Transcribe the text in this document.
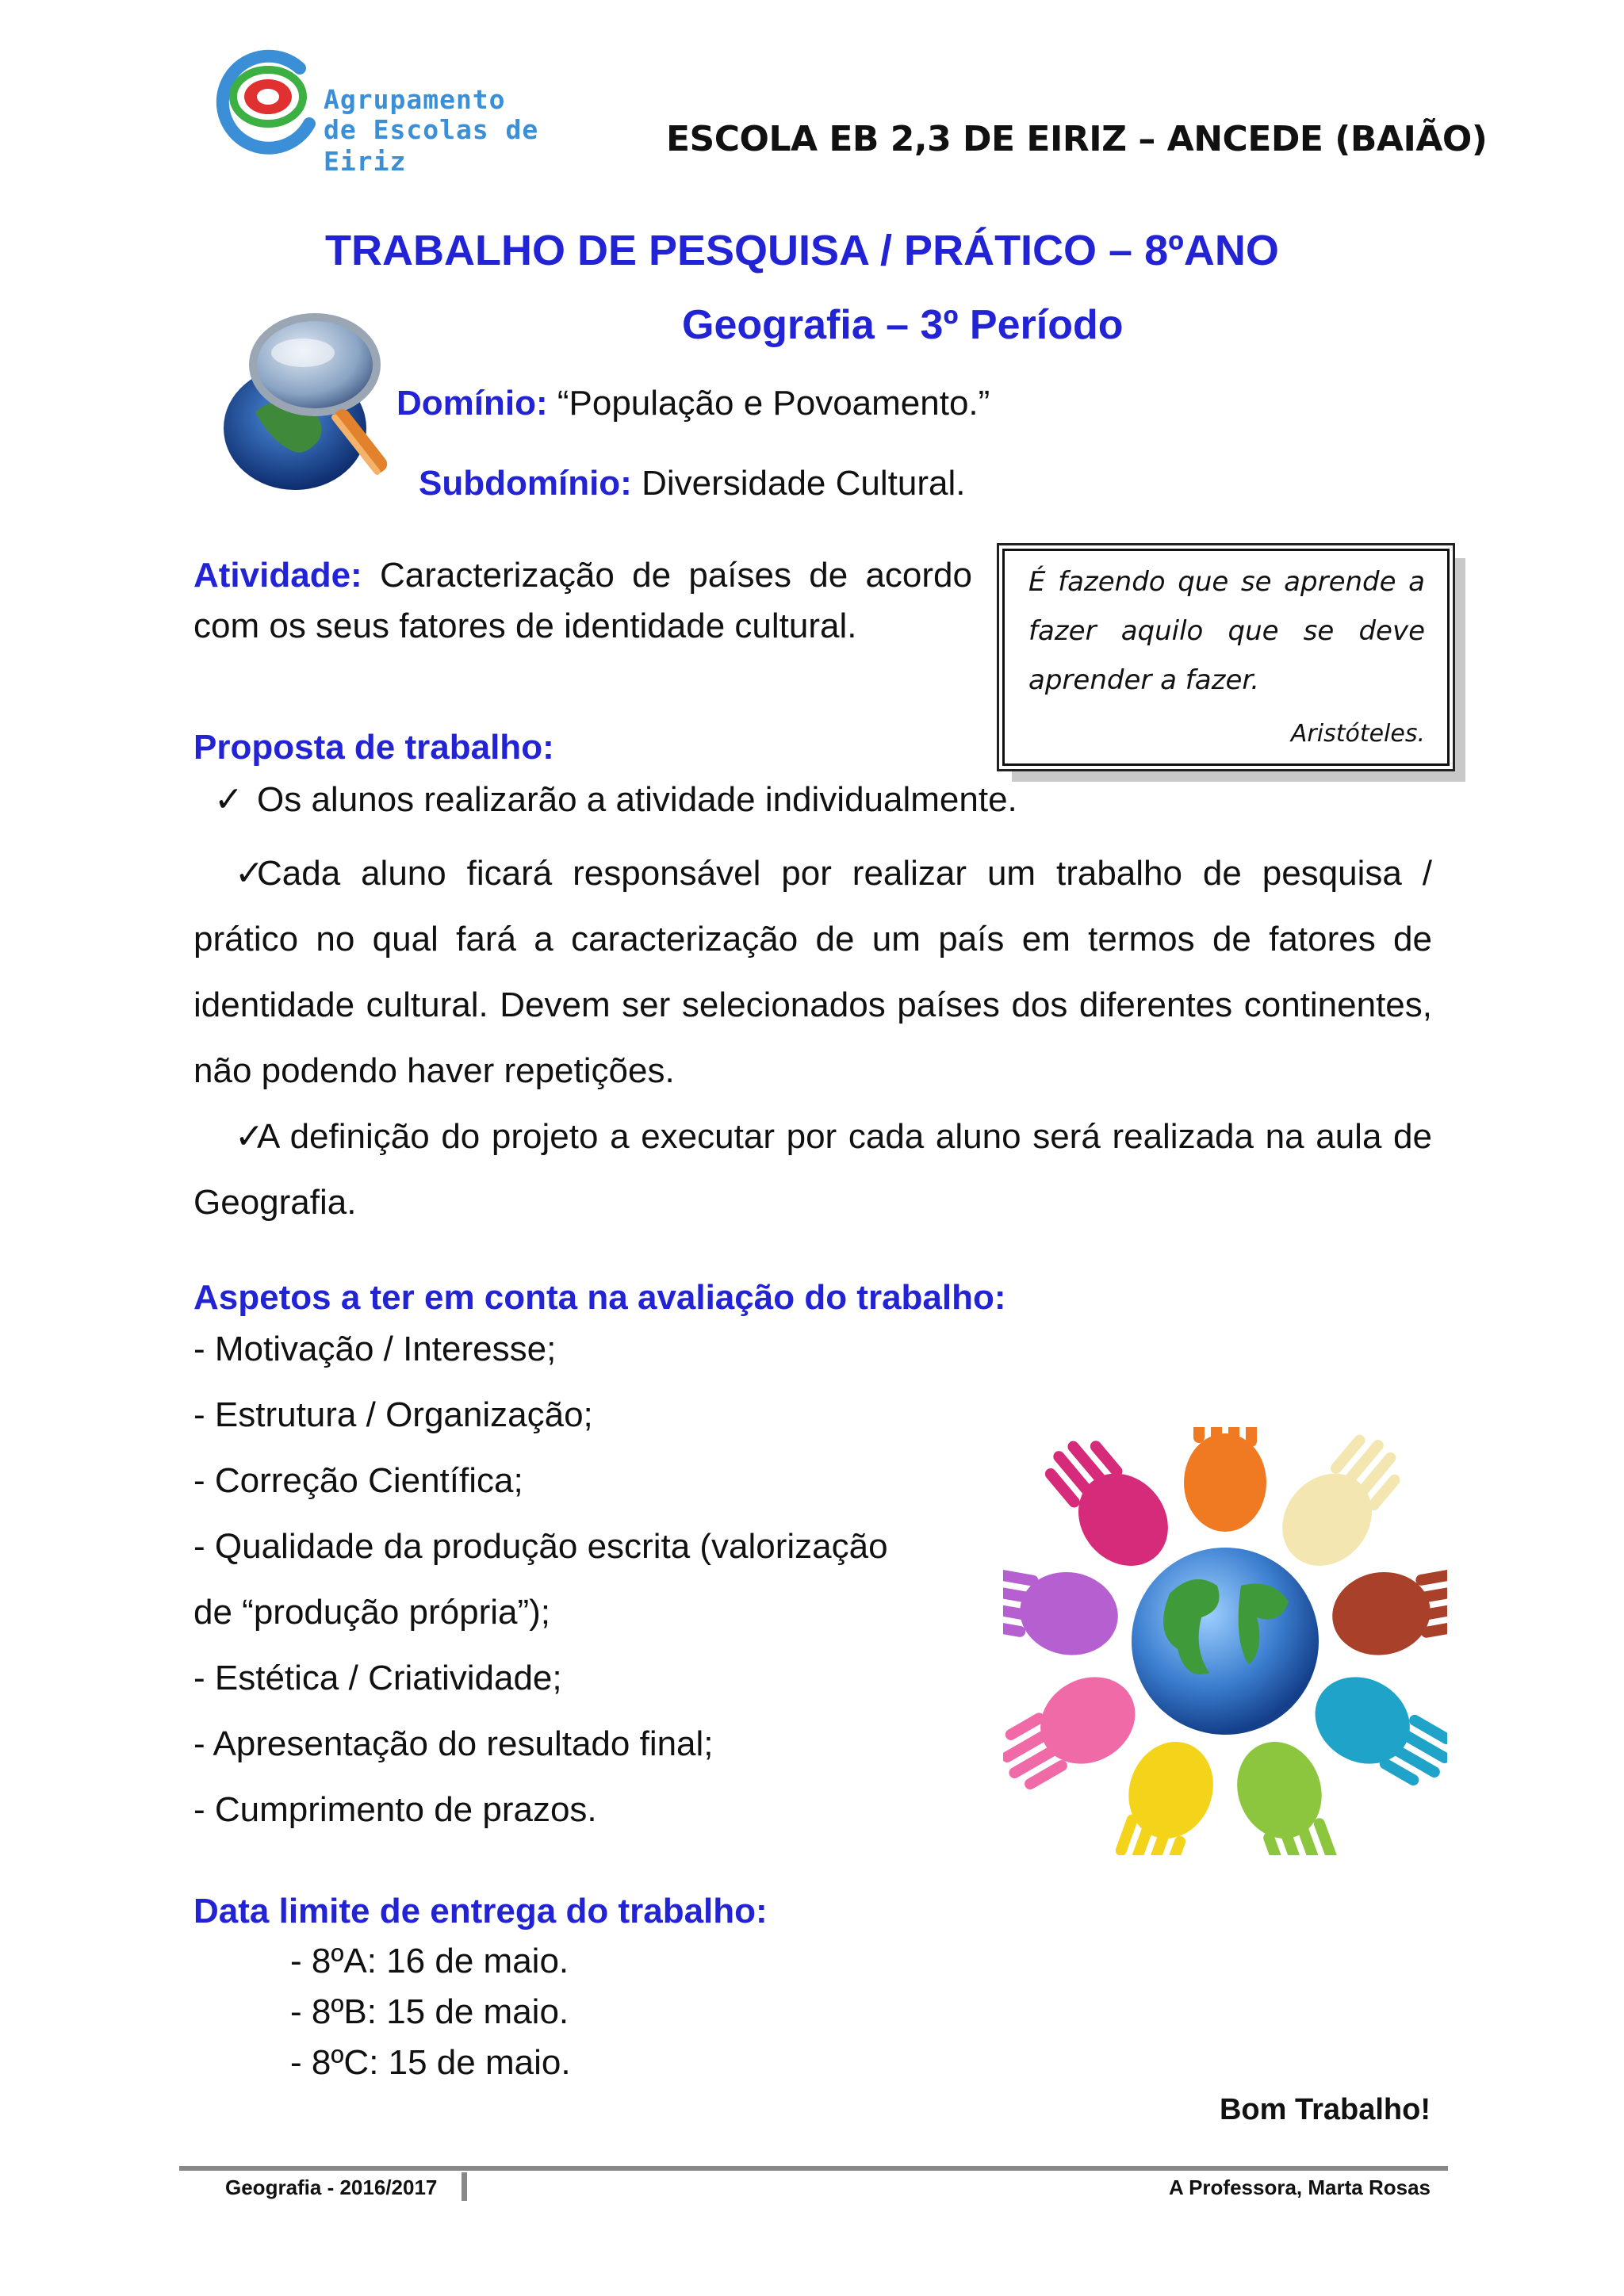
Agrupamento
de Escolas de Eiriz
ESCOLA EB 2,3 DE EIRIZ – ANCEDE (BAIÃO)
TRABALHO DE PESQUISA / PRÁTICO – 8ºANO
Geografia – 3º Período
Domínio: “População e Povoamento.”
Subdomínio: Diversidade Cultural.
Atividade: Caracterização de países de acordo com os seus fatores de identidade cultural.
É fazendo que se aprende a fazer aquilo que se deve aprender a fazer.
Aristóteles.
Proposta de trabalho:
✓ Os alunos realizarão a atividade individualmente.
✓Cada aluno ficará responsável por realizar um trabalho de pesquisa / prático no qual fará a caracterização de um país em termos de fatores de identidade cultural. Devem ser selecionados países dos diferentes continentes, não podendo haver repetições.
✓A definição do projeto a executar por cada aluno será realizada na aula de Geografia.
Aspetos a ter em conta na avaliação do trabalho:
- Motivação / Interesse;
- Estrutura / Organização;
- Correção Científica;
- Qualidade da produção escrita (valorização
de “produção própria”);
- Estética / Criatividade;
- Apresentação do resultado final;
- Cumprimento de prazos.
Data limite de entrega do trabalho:
- 8ºA: 16 de maio.
- 8ºB: 15 de maio.
- 8ºC: 15 de maio.
Bom Trabalho!
Geografia - 2016/2017	A Professora, Marta Rosas
